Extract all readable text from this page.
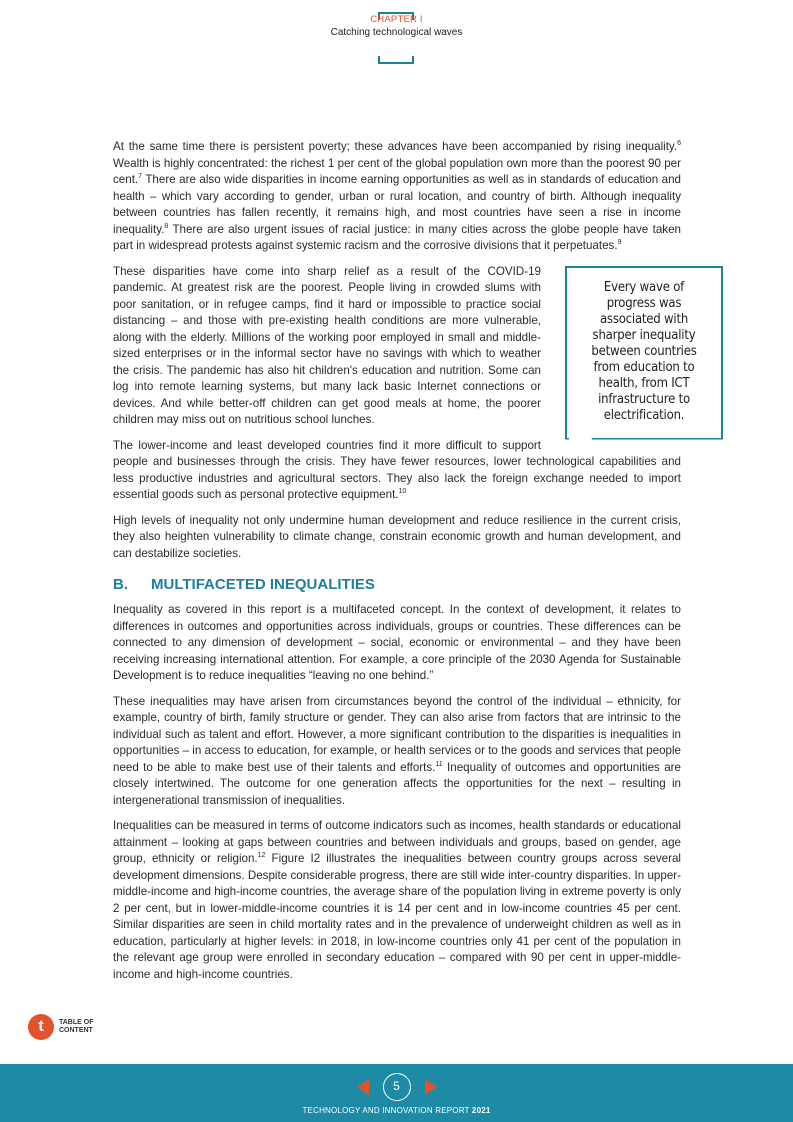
CHAPTER I
Catching technological waves

At the same time there is persistent poverty; these advances have been accompanied by rising inequality.$^6$ Wealth is highly concentrated: the richest 1 per cent of the global population own more than the poorest 90 per cent.$^7$ There are also wide disparities in income earning opportunities as well as in standards of education and health – which vary according to gender, urban or rural location, and country of birth. Although inequality between countries has fallen recently, it remains high, and most countries have seen a rise in income inequality.$^8$ There are also urgent issues of racial justice: in many cities across the globe people have taken part in widespread protests against systemic racism and the corrosive divisions that it perpetuates.$^9$

Every wave of progress was associated with sharper inequality between countries from education to health, from ICT infrastructure to electrification.

These disparities have come into sharp relief as a result of the COVID-19 pandemic. At greatest risk are the poorest. People living in crowded slums with poor sanitation, or in refugee camps, find it hard or impossible to practice social distancing – and those with pre-existing health conditions are more vulnerable, along with the elderly. Millions of the working poor employed in small and middle-sized enterprises or in the informal sector have no savings with which to weather the crisis. The pandemic has also hit children's education and nutrition. Some can log into remote learning systems, but many lack basic Internet connections or devices. And while better-off children can get good meals at home, the poorer children may miss out on nutritious school lunches.

The lower-income and least developed countries find it more difficult to support people and businesses through the crisis. They have fewer resources, lower technological capabilities and less productive industries and agricultural sectors. They also lack the foreign exchange needed to import essential goods such as personal protective equipment.$^{10}$

High levels of inequality not only undermine human development and reduce resilience in the current crisis, they also heighten vulnerability to climate change, constrain economic growth and human development, and can destabilize societies.

B.	MULTIFACETED INEQUALITIES

Inequality as covered in this report is a multifaceted concept. In the context of development, it relates to differences in outcomes and opportunities across individuals, groups or countries. These differences can be connected to any dimension of development – social, economic or environmental – and they have been receiving increasing international attention. For example, a core principle of the 2030 Agenda for Sustainable Development is to reduce inequalities “leaving no one behind.”

These inequalities may have arisen from circumstances beyond the control of the individual – ethnicity, for example, country of birth, family structure or gender. They can also arise from factors that are intrinsic to the individual such as talent and effort. However, a more significant contribution to the disparities is inequalities in opportunities – in access to education, for example, or health services or to the goods and services that people need to be able to make best use of their talents and efforts.$^{11}$ Inequality of outcomes and opportunities are closely intertwined. The outcome for one generation affects the opportunities for the next – resulting in intergenerational transmission of inequalities.

Inequalities can be measured in terms of outcome indicators such as incomes, health standards or educational attainment – looking at gaps between countries and between individuals and groups, based on gender, age group, ethnicity or religion.$^{12}$ Figure I2 illustrates the inequalities between country groups across several development dimensions. Despite considerable progress, there are still wide inter-country disparities. In upper-middle-income and high-income countries, the average share of the population living in extreme poverty is only 2 per cent, but in lower-middle-income countries it is 14 per cent and in low-income countries 45 per cent. Similar disparities are seen in child mortality rates and in the prevalence of underweight children as well as in education, particularly at higher levels: in 2018, in low-income countries only 41 per cent of the population in the relevant age group were enrolled in secondary education – compared with 90 per cent in upper-middle-income and high-income countries.

t	TABLE OF
CONTENT
5
TECHNOLOGY AND INNOVATION REPORT 2021
